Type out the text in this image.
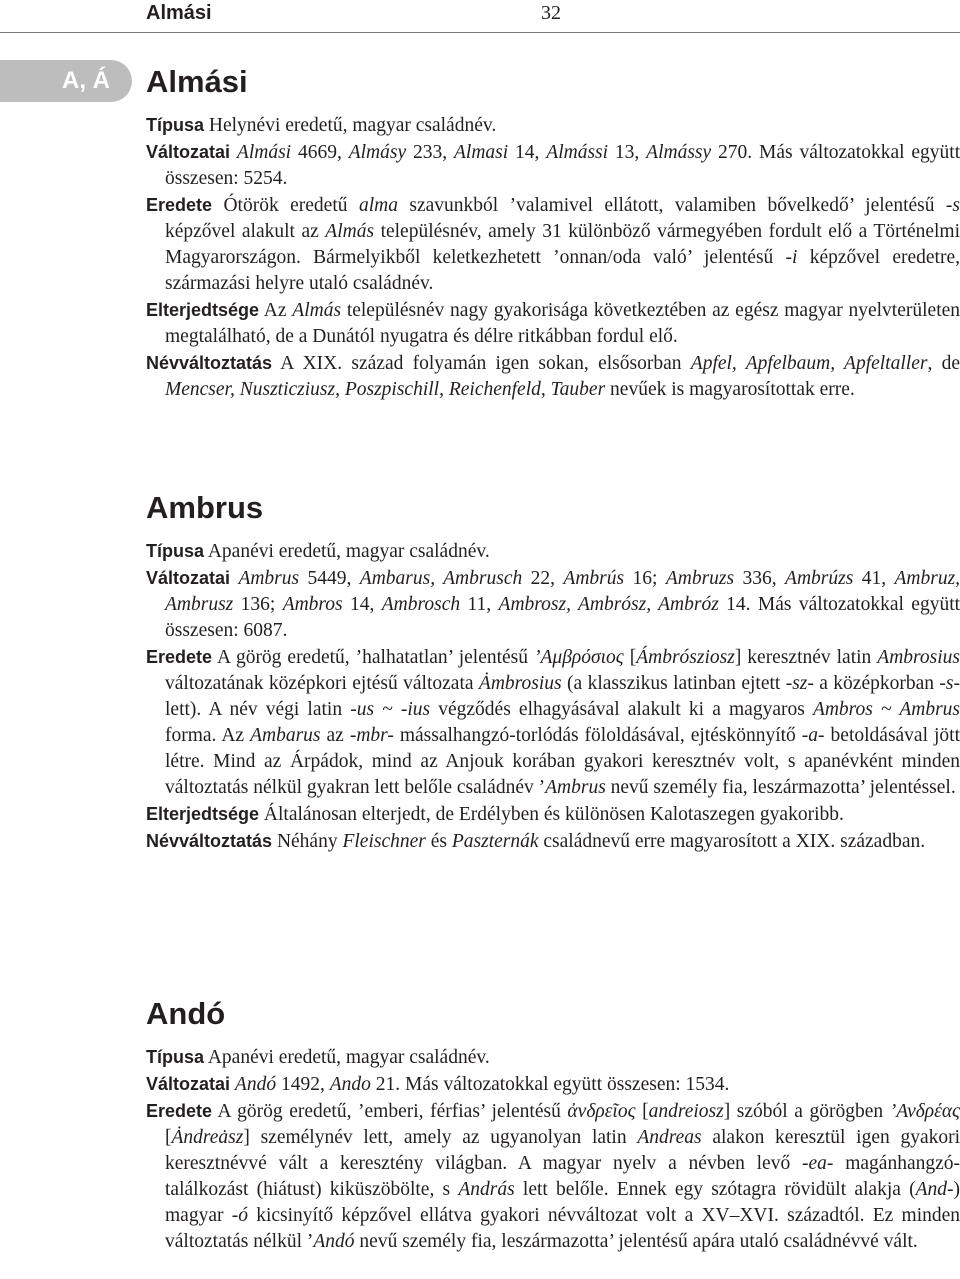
Almási	32
A, Á	Almási

Típusa Helynévi eredetű, magyar családnév.

Változatai Almási 4669, Almásy 233, Almasi 14, Almássi 13, Almássy 270. Más változatokkal együtt összesen: 5254.

Eredete Ótörök eredetű alma szavunkból ’valamivel ellátott, valamiben bővelkedő’ jelentésű -s képzővel alakult az Almás településnév, amely 31 különböző vármegyében fordult elő a Történelmi Magyarországon. Bármelyikből keletkezhetett ’onnan/oda való’ jelentésű -i képzővel eredetre, származási helyre utaló családnév.

Elterjedtsége Az Almás településnév nagy gyakorisága következtében az egész magyar nyelvterületen megtalálható, de a Dunától nyugatra és délre ritkábban fordul elő.

Névváltoztatás A XIX. század folyamán igen sokan, elsősorban Apfel, Apfelbaum, Apfeltaller, de Mencser, Nuszticziusz, Poszpischill, Reichenfeld, Tauber nevűek is magyarosítottak erre.

Ambrus

Típusa Apanévi eredetű, magyar családnév.

Változatai Ambrus 5449, Ambarus, Ambrusch 22, Ambrús 16; Ambruzs 336, Ambrúzs 41, Ambruz, Ambrusz 136; Ambros 14, Ambrosch 11, Ambrosz, Ambrósz, Ambróz 14. Más változatokkal együtt összesen: 6087.

Eredete A görög eredetű, ’halhatatlan’ jelentésű ’Αμβρόσιος [Ámbrósziosz] keresztnév latin Ambrosius változatának középkori ejtésű változata Ȧmbrosius (a klasszikus latinban ejtett -sz- a középkorban -s- lett). A név végi latin -us ~ -ius végződés elhagyásával alakult ki a magyaros Ambros ~ Ambrus forma. Az Ambarus az -mbr- mássalhangzó-torlódás föloldásával, ejtéskönnyítő -a- betoldásával jött létre. Mind az Árpádok, mind az Anjouk korában gyakori keresztnév volt, s apanévként minden változtatás nélkül gyakran lett belőle családnév ’Ambrus nevű személy fia, leszármazotta’ jelentéssel.

Elterjedtsége Általánosan elterjedt, de Erdélyben és különösen Kalotaszegen gyakoribb.

Névváltoztatás Néhány Fleischner és Paszternák családnevű erre magyarosított a XIX. században.

Andó

Típusa Apanévi eredetű, magyar családnév.

Változatai Andó 1492, Ando 21. Más változatokkal együtt összesen: 1534.

Eredete A görög eredetű, ’emberi, férfias’ jelentésű ἀνδρεῖος [andreiosz] szóból a görögben ’Ανδρέας [Ȧndreȧsz] személynév lett, amely az ugyanolyan latin Andreas alakon keresztül igen gyakori keresztnévvé vált a keresztény világban. A magyar nyelv a névben levő -ea- magánhangzó-találkozást (hiátust) kiküszöbölte, s András lett belőle. Ennek egy szótagra rövidült alakja (And-) magyar -ó kicsinyítő képzővel ellátva gyakori névváltozat volt a XV–XVI. századtól. Ez minden változtatás nélkül ’Andó nevű személy fia, leszármazotta’ jelentésű apára utaló családnévvé vált.
